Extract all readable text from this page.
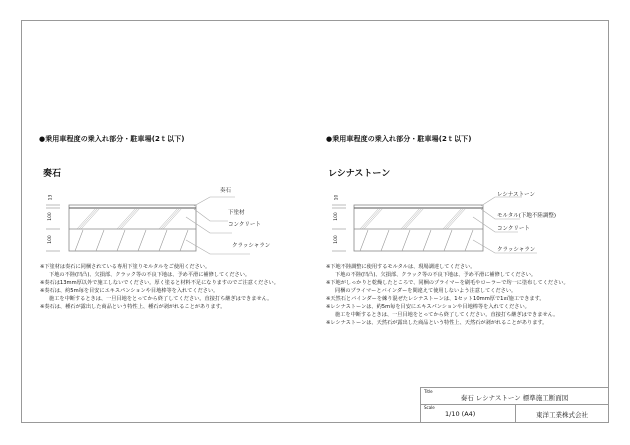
●乗用車程度の乗入れ部分・駐車場(2ｔ以下)
奏石
13
100
100
奏石
下塗材
コンクリート
クラッシャラン
※下塗材は奏石に同梱されている専用下塗りモルタルをご使用ください。
下地の不陸(凹凸)、欠損部、クラック等の不良下地は、予め平滑に補修してください。
※奏石は13mm厚以外で施工しないでください。厚く塗ると材料不足になりますのでご注意ください。
※奏石は、約5m毎を目安にエキスパンションや目地棒等を入れてください。
施工を中断するときは、一旦目地をとってから終了してください。直接打ち継ぎはできません。
※奏石は、種石が露出した商品という特性上、種石が剥がれることがあります。
●乗用車程度の乗入れ部分・駐車場(2ｔ以下)
レシナストーン
10
100
100
レシナストーン
モルタル(下地不陸調整)
コンクリート
クラッシャラン
※下地不陸調整に使用するモルタルは、現場調達してください。
下地の不陸(凹凸)、欠損部、クラック等の不良下地は、予め平滑に補修してください。
※下地がしっかりと乾燥したところで、同梱のプライマーを刷毛やローラーで均一に塗布してください。
同梱のプライマーとバインダーを間違えて使用しないよう注意してください。
※天然石とバインダーを練り混ぜたレシナストーンは、1セット10mm厚で1㎡施工できます。
※レシナストーンは、約5m毎を目安にエキスパンションや目地棒等を入れてください。
施工を中断するときは、一旦目地をとってから終了してください。直接打ち継ぎはできません。
※レシナストーンは、天然石が露出した商品という特性上、天然石が剥がれることがあります。
Title
奏石 レシナストーン 標準施工断面図
Scale
1/10 (A4)	東洋工業株式会社
